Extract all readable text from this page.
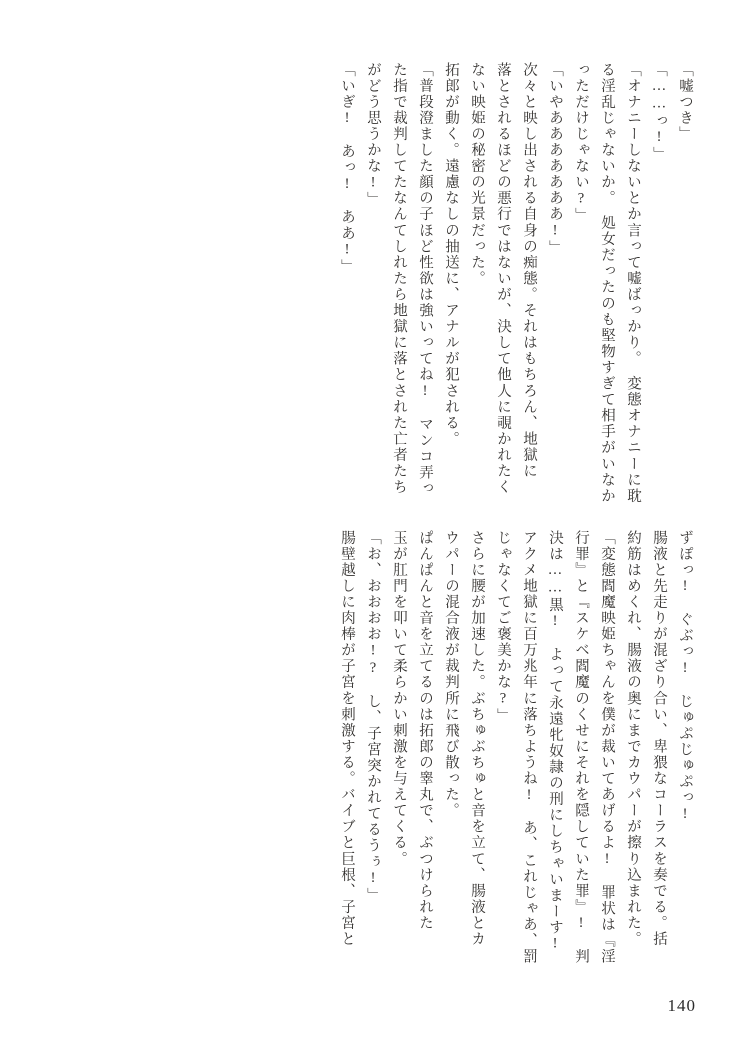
「いぎ!　あっ!　ああ!」 がどう思うかな!」 た指で裁判してたなんてしれたら地獄に落とされた亡者たち 「普段澄ました顔の子ほど性欲は強いってね!　マンコ弄っ 拓郎が動く。遠慮なしの抽送に、アナルが犯される。 ない映姫の秘密の光景だった。 落とされるほどの悪行ではないが、決して他人に覗かれたく 次々と映し出される自身の痴態。それはもちろん、地獄に 「いやあああああああ!」 っただけじゃない?」 る淫乱じゃないか。　処女だったのも堅物すぎて相手がいなか 「オナニーしないとか言って嘘ばっかり。　変態オナニーに耽 「……っ!」 「嘘つき」
腸壁越しに肉棒が子宮を刺激する。バイブと巨根、子宮と 「お、おおおお!?　し、子宮突かれてるうぅ!」 玉が肛門を叩いて柔らかい刺激を与えてくる。 ぱんぱんと音を立てるのは拓郎の睾丸で、ぶつけられた ウパーの混合液が裁判所に飛び散った。 さらに腰が加速した。ぶちゅぶちゅと音を立て、腸液とカ じゃなくてご褒美かな?」 アクメ地獄に百万兆年に落ちようね!　あ、これじゃあ、罰 決は……黒!　よって永遠牝奴隷の刑にしちゃいまーす! 行罪』と『スケベ閻魔のくせにそれを隠していた罪』!　判 「変態閻魔映姫ちゃんを僕が裁いてあげるよ!　罪状は『淫 約筋はめくれ、腸液の奥にまでカウパーが擦り込まれた。 腸液と先走りが混ざり合い、卑猥なコーラスを奏でる。括 ずぽっ!　ぐぶっ!　じゅぷじゅぷっ!
140
